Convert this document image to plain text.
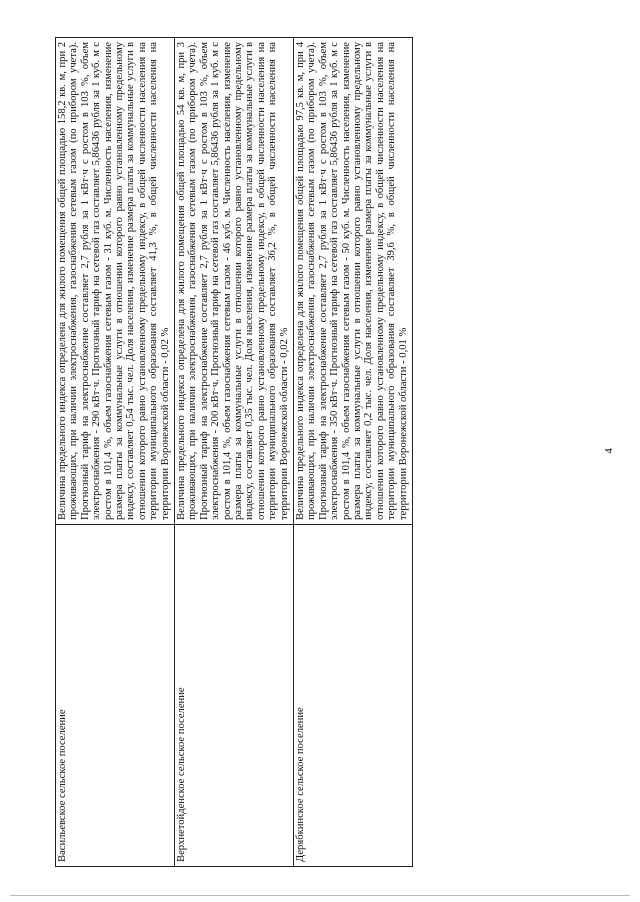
4
Васильевское сельское поселение	Величина предельного индекса определена для жилого помещения общей площадью 158,2 кв. м, при 2 проживающих, при наличии электроснабжения, газоснабжения сетевым газом (по прибором учета). Прогнозный тариф на электроснабжение составляет 2,7 рубля за 1 кВт·ч с ростом в 103 %, объем электроснабжения - 290 кВт·ч. Прогнозный тариф на сетевой газ составляет 5,86436 рубля за 1 куб. м с ростом в 101,4 %, объем газоснабжения сетевым газом - 31 куб. м. Численность населения, изменение размера платы за коммунальные услуги в отношении которого равно установленному предельному индексу, составляет 0,54 тыс. чел. Доля населения, изменение размера платы за коммунальные услуги в отношении которого равно установленному предельному индексу, в общей численности населения на территории муниципального образования составляет 41,3 %, в общей численности населения на территории Воронежской области - 0,02 %
Верхнетойденское сельское поселение	Величина предельного индекса определена для жилого помещения общей площадью 54 кв. м, при 3 проживающих, при наличии электроснабжения, газоснабжения сетевым газом (по прибором учета). Прогнозный тариф на электроснабжение составляет 2,7 рубля за 1 кВт·ч с ростом в 103 %, объем электроснабжения - 200 кВт·ч. Прогнозный тариф на сетевой газ составляет 5,86436 рубля за 1 куб. м с ростом в 101,4 %, объем газоснабжения сетевым газом - 46 куб. м. Численность населения, изменение размера платы за коммунальные услуги в отношении которого равно установленному предельному индексу, составляет 0,35 тыс. чел. Доля населения, изменение размера платы за коммунальные услуги в отношении которого равно установленному предельному индексу, в общей численности населения на территории муниципального образования составляет 36,2 %, в общей численности населения на территории Воронежской области - 0,02 %
Дерябкинское сельское поселение	Величина предельного индекса определена для жилого помещения общей площадью 97,5 кв. м, при 4 проживающих, при наличии электроснабжения, газоснабжения сетевым газом (по прибором учета). Прогнозный тариф на электроснабжение составляет 2,7 рубля за 1 кВт·ч с ростом в 103 %, объем электроснабжения - 350 кВт·ч. Прогнозный тариф на сетевой газ составляет 5,86436 рубля за 1 куб. м с ростом в 101,4 %, объем газоснабжения сетевым газом - 50 куб. м. Численность населения, изменение размера платы за коммунальные услуги в отношении которого равно установленному предельному индексу, составляет 0,2 тыс. чел. Доля населения, изменение размера платы за коммунальные услуги в отношении которого равно установленному предельному индексу, в общей численности населения на территории муниципального образования составляет 39,6 %, в общей численности населения на территории Воронежской области - 0,01 %
